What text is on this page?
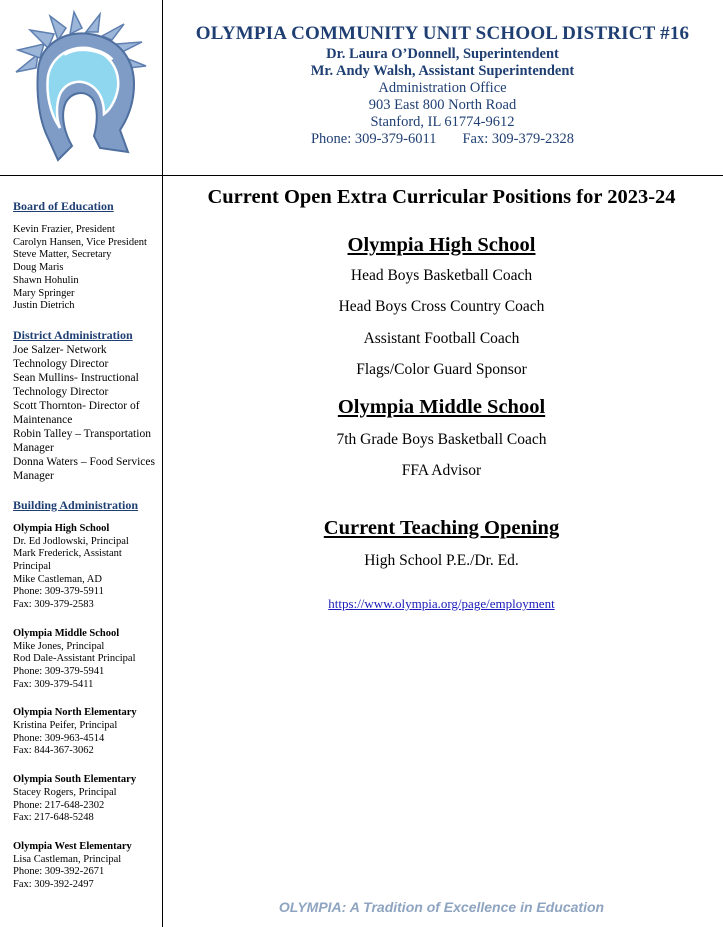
OLYMPIA COMMUNITY UNIT SCHOOL DISTRICT #16
Dr. Laura O’Donnell, Superintendent
Mr. Andy Walsh, Assistant Superintendent
Administration Office
903 East 800 North Road
Stanford, IL 61774-9612
Phone: 309-379-6011 Fax: 309-379-2328
Board of Education
Kevin Frazier, President
Carolyn Hansen, Vice President
Steve Matter, Secretary
Doug Maris
Shawn Hohulin
Mary Springer
Justin Dietrich
District Administration
Joe Salzer- Network Technology Director
Sean Mullins- Instructional Technology Director
Scott Thornton- Director of Maintenance
Robin Talley – Transportation Manager
Donna Waters – Food Services Manager
Building Administration
Olympia High School
Dr. Ed Jodlowski, Principal
Mark Frederick, Assistant Principal
Mike Castleman, AD
Phone: 309-379-5911
Fax: 309-379-2583
Olympia Middle School
Mike Jones, Principal
Rod Dale-Assistant Principal
Phone: 309-379-5941
Fax: 309-379-5411
Olympia North Elementary
Kristina Peifer, Principal
Phone: 309-963-4514
Fax: 844-367-3062
Olympia South Elementary
Stacey Rogers, Principal
Phone: 217-648-2302
Fax: 217-648-5248
Olympia West Elementary
Lisa Castleman, Principal
Phone: 309-392-2671
Fax: 309-392-2497
Current Open Extra Curricular Positions for 2023-24
Olympia High School
Head Boys Basketball Coach
Head Boys Cross Country Coach
Assistant Football Coach
Flags/Color Guard Sponsor
Olympia Middle School
7th Grade Boys Basketball Coach
FFA Advisor
Current Teaching Opening
High School P.E./Dr. Ed.
https://www.olympia.org/page/employment
OLYMPIA: A Tradition of Excellence in Education
